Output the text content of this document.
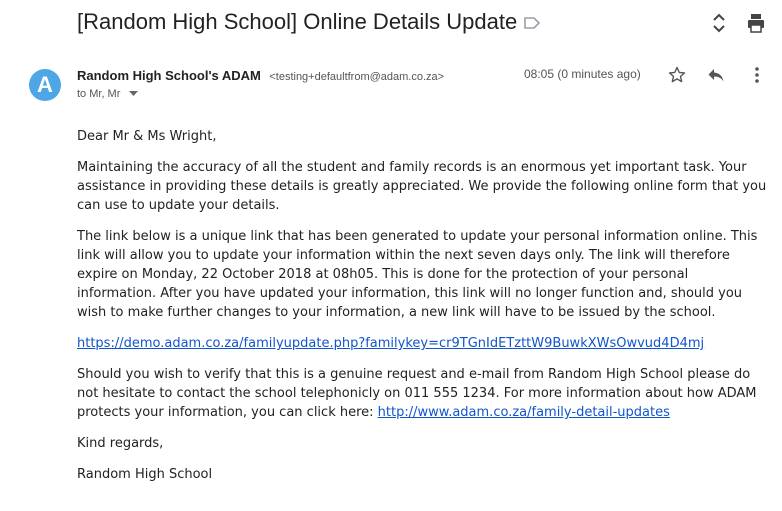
[Random High School] Online Details Update
A	Random High School's ADAM <testing+defaultfrom@adam.co.za>
to Mr, Mr
08:05 (0 minutes ago)

Dear Mr & Ms Wright,

Maintaining the accuracy of all the student and family records is an enormous yet important task. Your assistance in providing these details is greatly appreciated. We provide the following online form that you can use to update your details.

The link below is a unique link that has been generated to update your personal information online. This link will allow you to update your information within the next seven days only. The link will therefore expire on Monday, 22 October 2018 at 08h05. This is done for the protection of your personal information. After you have updated your information, this link will no longer function and, should you wish to make further changes to your information, a new link will have to be issued by the school.

https://demo.adam.co.za/familyupdate.php?familykey=cr9TGnIdETzttW9BuwkXWsOwvud4D4mj

Should you wish to verify that this is a genuine request and e-mail from Random High School please do not hesitate to contact the school telephonicly on 011 555 1234. For more information about how ADAM protects your information, you can click here: http://www.adam.co.za/family-detail-updates

Kind regards,

Random High School
